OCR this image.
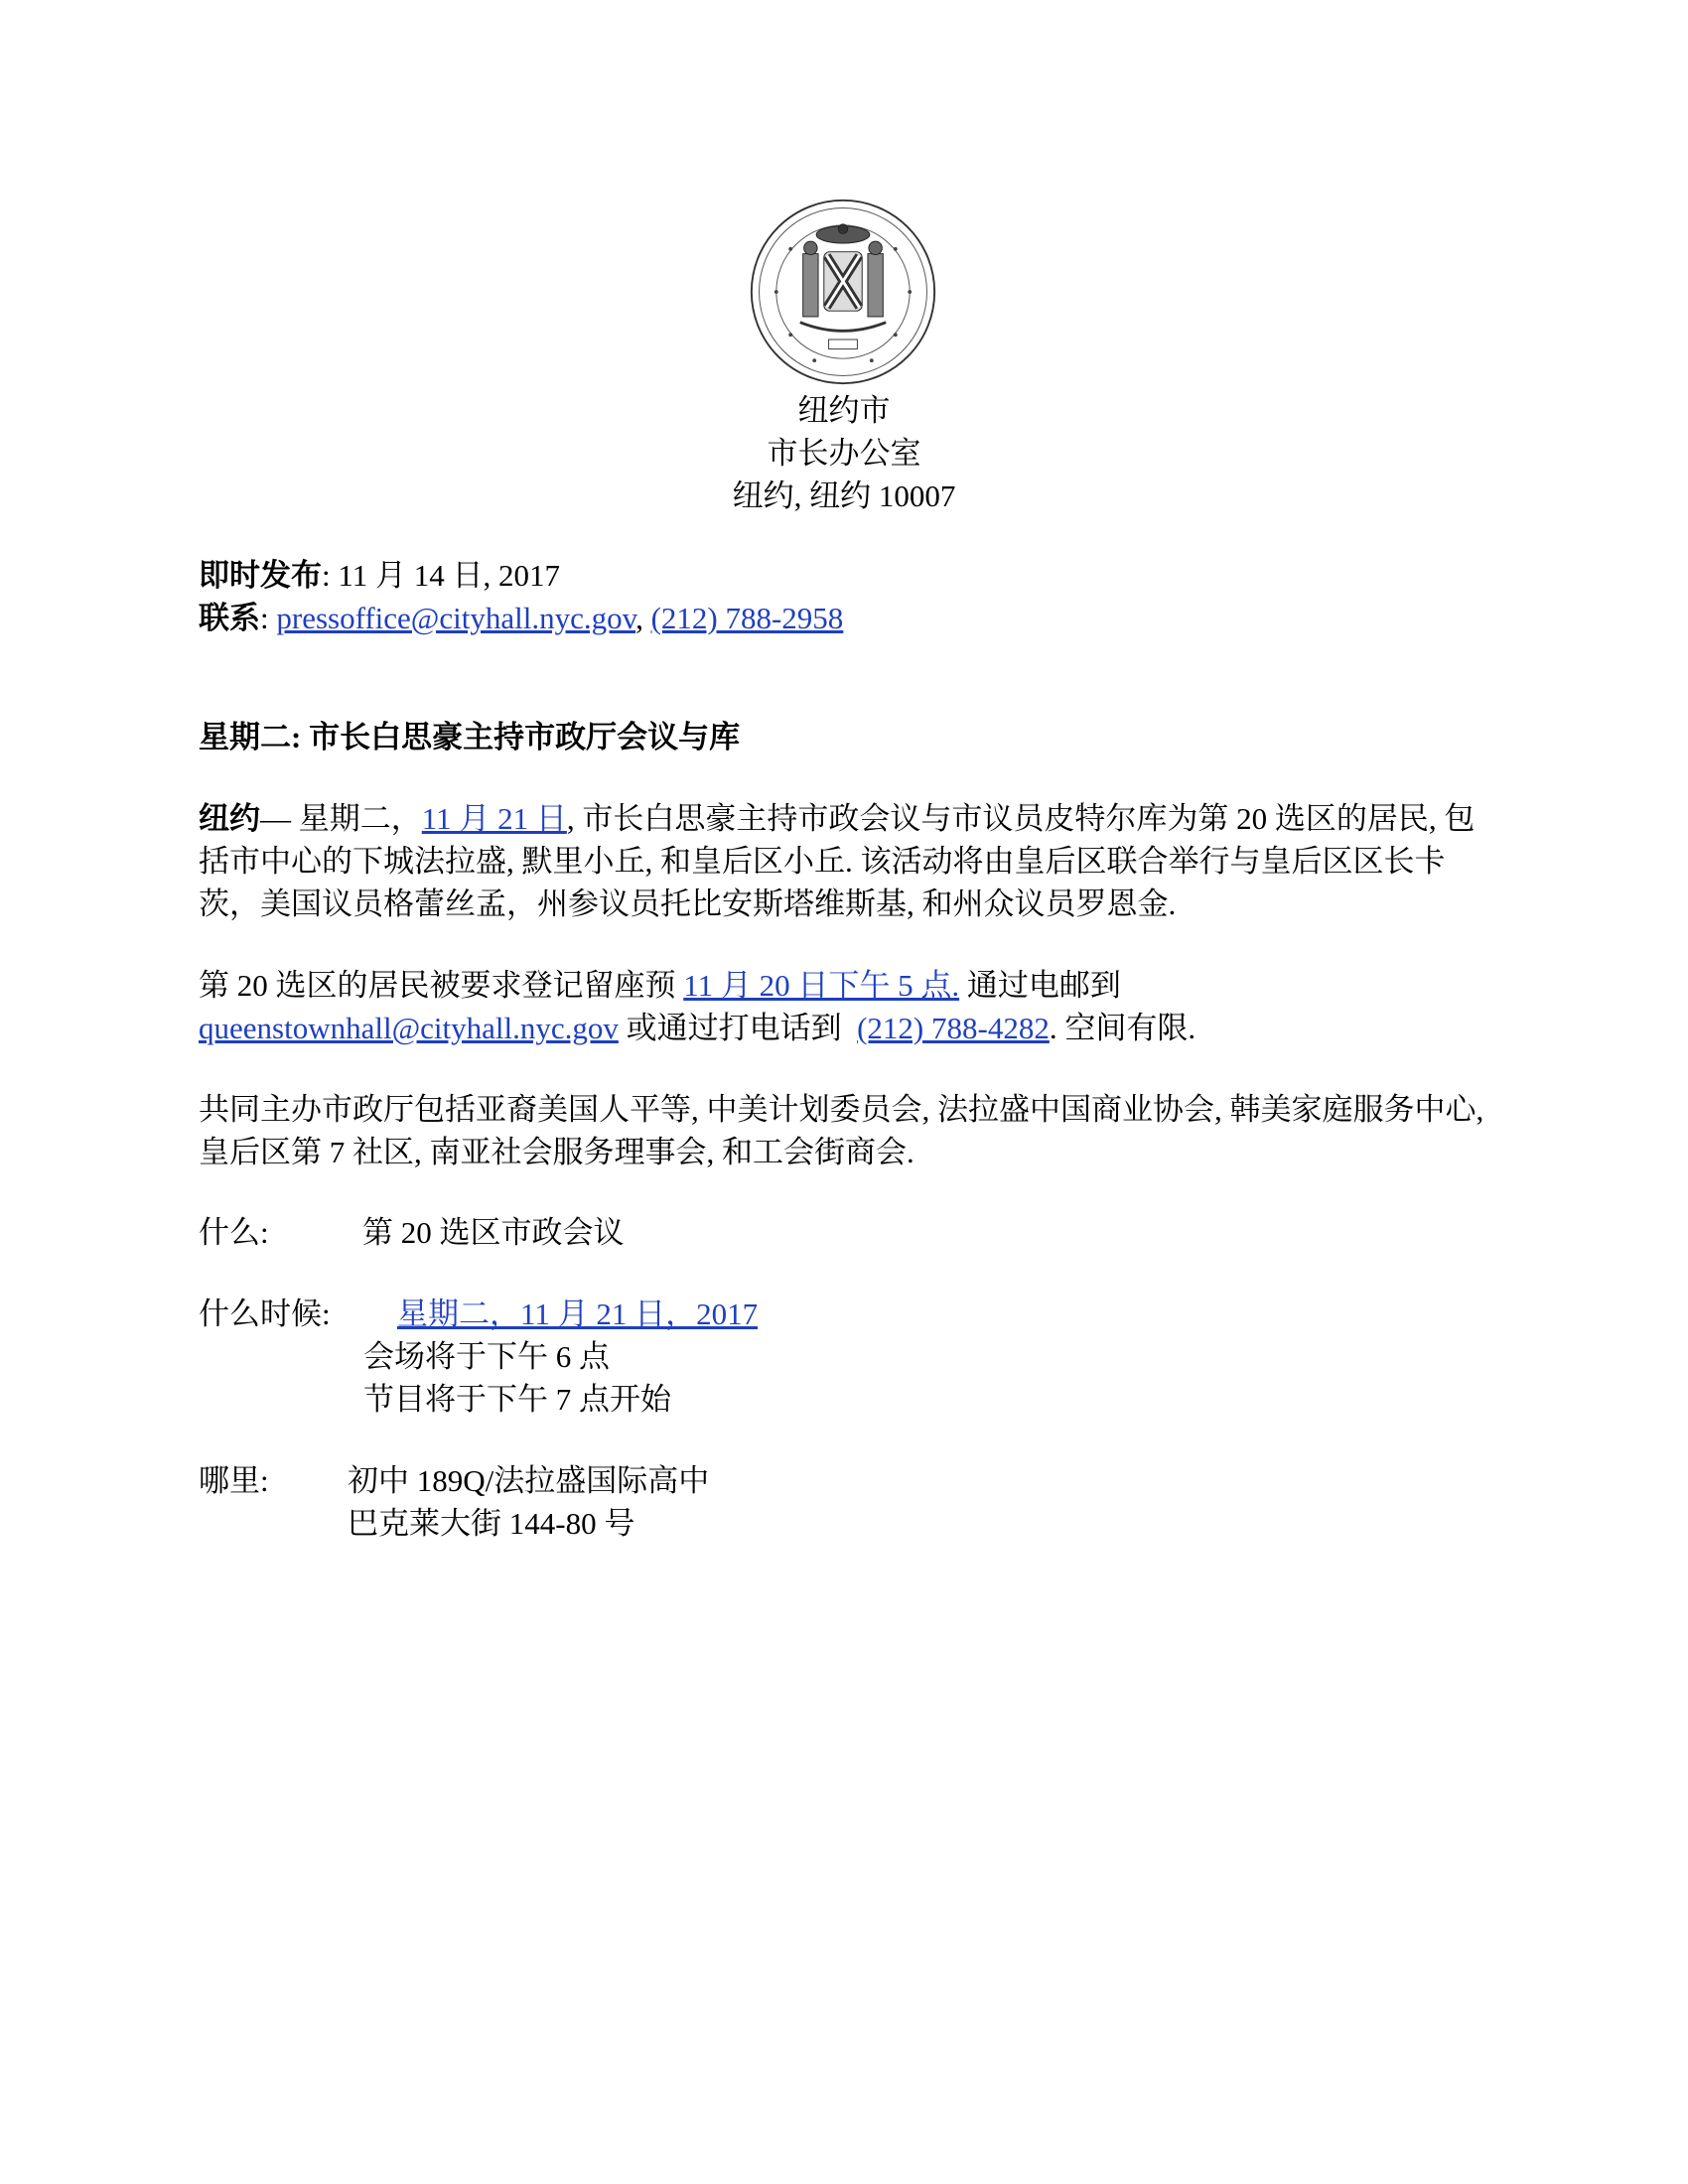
纽约市
市长办公室
纽约, 纽约 10007
即时发布: 11 月 14 日, 2017
联系: pressoffice@cityhall.nyc.gov, (212) 788-2958
星期二: 市长白思豪主持市政厅会议与库
纽约— 星期二，11 月 21 日, 市长白思豪主持市政会议与市议员皮特尔库为第 20 选区的居民, 包括市中心的下城法拉盛, 默里小丘, 和皇后区小丘. 该活动将由皇后区联合举行与皇后区区长卡茨，美国议员格蕾丝孟，州参议员托比安斯塔维斯基, 和州众议员罗恩金.
第 20 选区的居民被要求登记留座预 11 月 20 日下午 5 点. 通过电邮到
queenstownhall@cityhall.nyc.gov 或通过打电话到  (212) 788-4282. 空间有限.
共同主办市政厅包括亚裔美国人平等, 中美计划委员会, 法拉盛中国商业协会, 韩美家庭服务中心, 皇后区第 7 社区, 南亚社会服务理事会, 和工会街商会.
什么:	第 20 选区市政会议
什么时候: 星期二，11 月 21 日，2017
会场将于下午 6 点
节目将于下午 7 点开始
哪里:	初中 189Q/法拉盛国际高中
巴克莱大街 144-80 号
